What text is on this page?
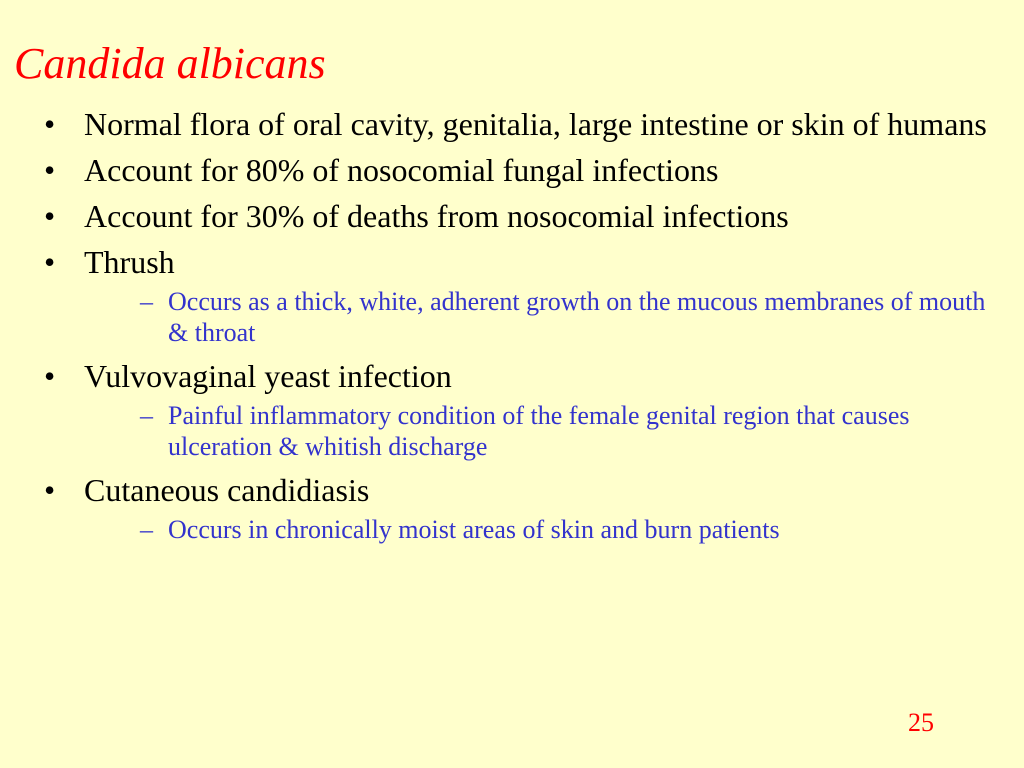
Candida albicans
• Normal flora of oral cavity, genitalia, large intestine or skin of humans
• Account for 80% of nosocomial fungal infections
• Account for 30% of deaths from nosocomial infections
• Thrush
– Occurs as a thick, white, adherent growth on the mucous membranes of mouth & throat
• Vulvovaginal yeast infection
– Painful inflammatory condition of the female genital region that causes ulceration & whitish discharge
• Cutaneous candidiasis
– Occurs in chronically moist areas of skin and burn patients
25
